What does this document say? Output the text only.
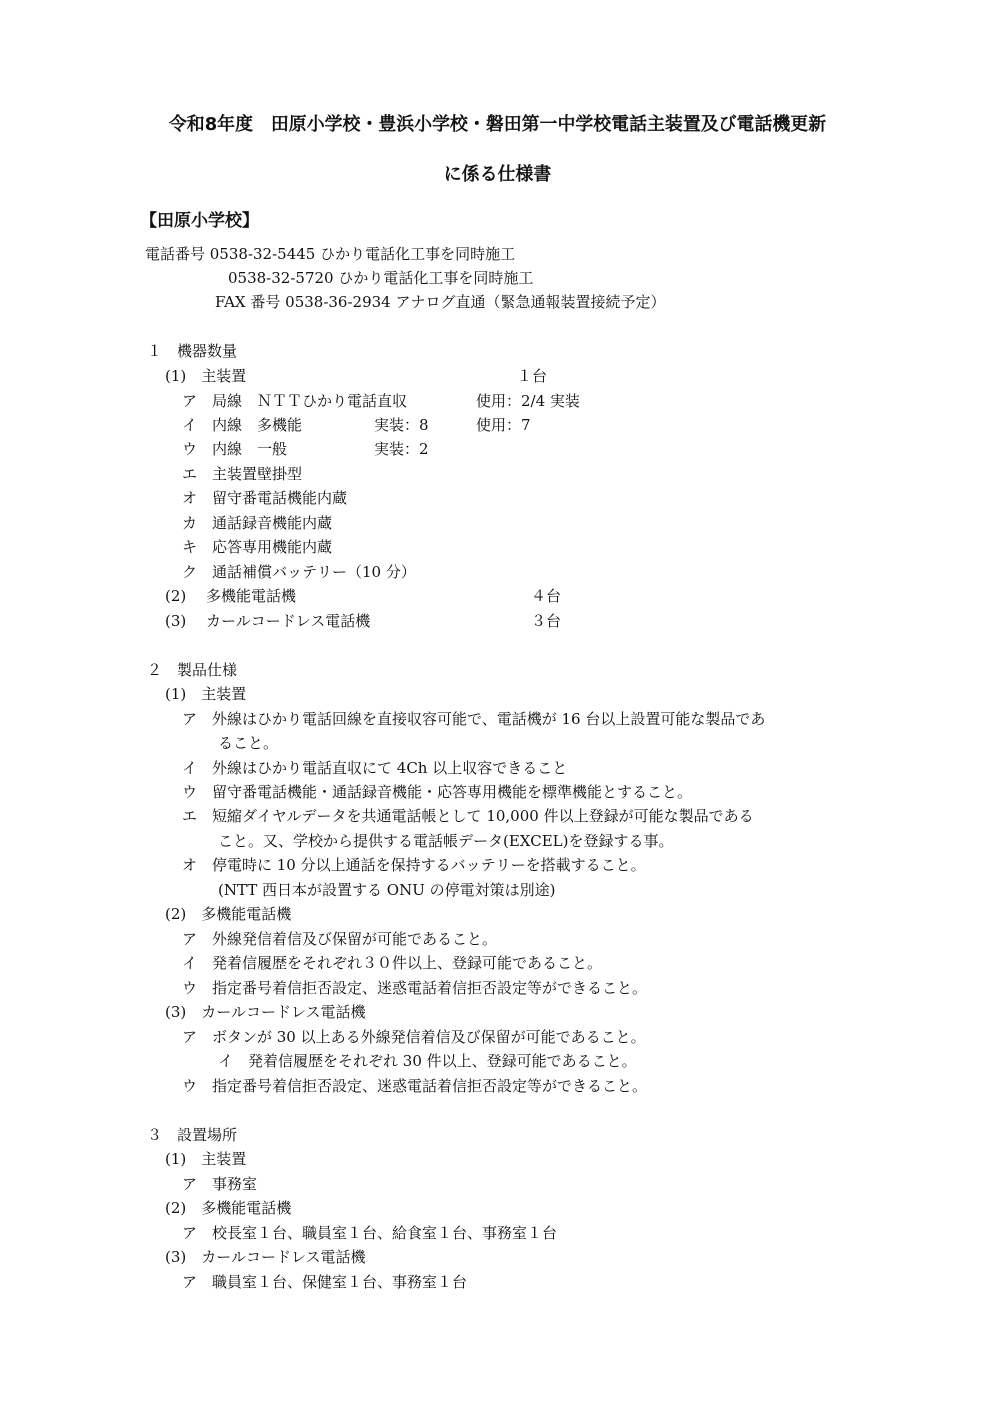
令和8年度　田原小学校・豊浜小学校・磐田第一中学校電話主装置及び電話機更新
に係る仕様書
【田原小学校】
電話番号 0538-32-5445 ひかり電話化工事を同時施工
0538-32-5720 ひかり電話化工事を同時施工
FAX 番号 0538-36-2934 アナログ直通（緊急通報装置接続予定）
１　機器数量
(1)　主装置	１台
ア　局線　ＮＴＴひかり電話直収	使用：2/4 実装
イ　内線　多機能	実装：8	使用：7
ウ　内線　一般	実装：2
エ　主装置壁掛型
オ　留守番電話機能内蔵
カ　通話録音機能内蔵
キ　応答専用機能内蔵
ク　通話補償バッテリー（10 分）
(2)　 多機能電話機	４台
(3)　 カールコードレス電話機	３台
２　製品仕様
(1)　主装置
ア　外線はひかり電話回線を直接収容可能で、電話機が 16 台以上設置可能な製品であ
ること。
イ　外線はひかり電話直収にて 4Ch 以上収容できること
ウ　留守番電話機能・通話録音機能・応答専用機能を標準機能とすること。
エ　短縮ダイヤルデータを共通電話帳として 10,000 件以上登録が可能な製品である
こと。又、学校から提供する電話帳データ(EXCEL)を登録する事。
オ　停電時に 10 分以上通話を保持するバッテリーを搭載すること。
(NTT 西日本が設置する ONU の停電対策は別途)
(2)　多機能電話機
ア　外線発信着信及び保留が可能であること。
イ　発着信履歴をそれぞれ３０件以上、登録可能であること。
ウ　指定番号着信拒否設定、迷惑電話着信拒否設定等ができること。
(3)　カールコードレス電話機
ア　ボタンが 30 以上ある外線発信着信及び保留が可能であること。
イ　発着信履歴をそれぞれ 30 件以上、登録可能であること。
ウ　指定番号着信拒否設定、迷惑電話着信拒否設定等ができること。
３　設置場所
(1)　主装置
ア　事務室
(2)　多機能電話機
ア　校長室１台、職員室１台、給食室１台、事務室１台
(3)　カールコードレス電話機
ア　職員室１台、保健室１台、事務室１台
